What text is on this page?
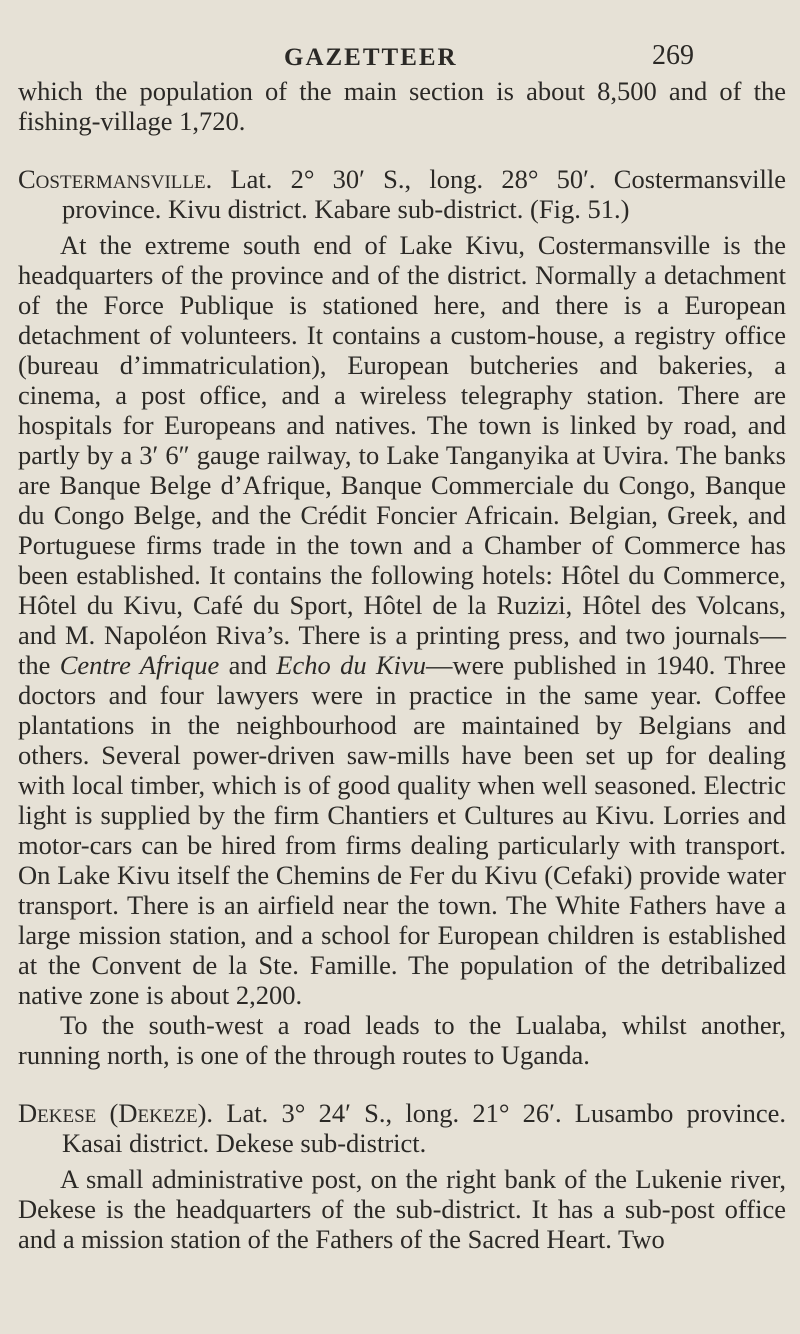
GAZETTEER	269

which the population of the main section is about 8,500 and of the fishing-village 1,720.

Costermansville. Lat. 2° 30′ S., long. 28° 50′. Costermansville province. Kivu district. Kabare sub-district. (Fig. 51.)

At the extreme south end of Lake Kivu, Costermansville is the headquarters of the province and of the district. Normally a detachment of the Force Publique is stationed here, and there is a European detachment of volunteers. It contains a custom-house, a registry office (bureau d’immatriculation), European butcheries and bakeries, a cinema, a post office, and a wireless telegraphy station. There are hospitals for Europeans and natives. The town is linked by road, and partly by a 3′ 6″ gauge railway, to Lake Tanganyika at Uvira. The banks are Banque Belge d’Afrique, Banque Commerciale du Congo, Banque du Congo Belge, and the Crédit Foncier Africain. Belgian, Greek, and Portuguese firms trade in the town and a Chamber of Commerce has been established. It contains the following hotels: Hôtel du Commerce, Hôtel du Kivu, Café du Sport, Hôtel de la Ruzizi, Hôtel des Volcans, and M. Napoléon Riva’s. There is a printing press, and two journals—the Centre Afrique and Echo du Kivu—were published in 1940. Three doctors and four lawyers were in practice in the same year. Coffee plantations in the neighbourhood are maintained by Belgians and others. Several power-driven saw-mills have been set up for dealing with local timber, which is of good quality when well seasoned. Electric light is supplied by the firm Chantiers et Cultures au Kivu. Lorries and motor-cars can be hired from firms dealing particularly with transport. On Lake Kivu itself the Chemins de Fer du Kivu (Cefaki) provide water transport. There is an airfield near the town. The White Fathers have a large mission station, and a school for European children is established at the Convent de la Ste. Famille. The population of the detribalized native zone is about 2,200.

To the south-west a road leads to the Lualaba, whilst another, running north, is one of the through routes to Uganda.

Dekese (Dekeze). Lat. 3° 24′ S., long. 21° 26′. Lusambo province. Kasai district. Dekese sub-district.

A small administrative post, on the right bank of the Lukenie river, Dekese is the headquarters of the sub-district. It has a sub-post office and a mission station of the Fathers of the Sacred Heart. Two
